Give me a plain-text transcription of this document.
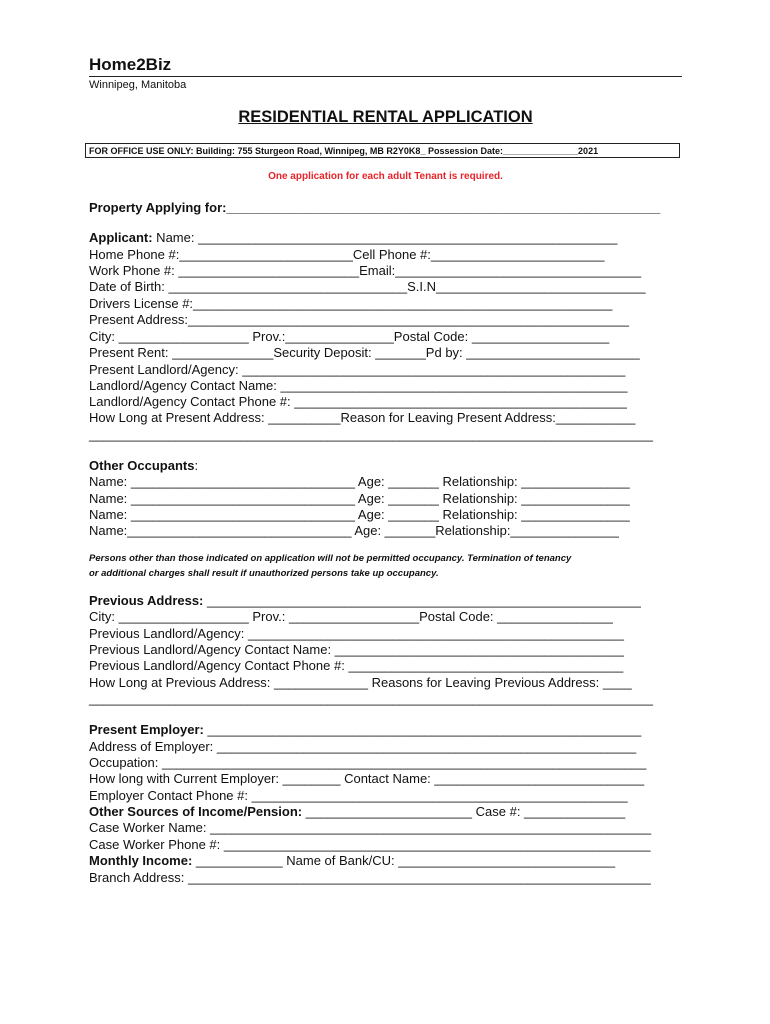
Home2Biz
Winnipeg, Manitoba
RESIDENTIAL RENTAL APPLICATION
FOR OFFICE USE ONLY: Building: 755 Sturgeon Road, Winnipeg, MB R2Y0K8_ Possession Date:_______________2021
One application for each adult Tenant is required.
Property Applying for:____________________________________________________________
Applicant: Name: __________________________________________________________
Home Phone #:________________________Cell Phone #:________________________
Work Phone #: _________________________Email:__________________________________
Date of Birth: _________________________________S.I.N_____________________________
Drivers License #:__________________________________________________________
Present Address:_____________________________________________________________
City: __________________ Prov.:_______________Postal Code: ___________________
Present Rent: ______________Security Deposit: _______Pd by: ________________________
Present Landlord/Agency: _____________________________________________________
Landlord/Agency Contact Name: ________________________________________________
Landlord/Agency Contact Phone #: ______________________________________________
How Long at Present Address: __________Reason for Leaving Present Address:___________
______________________________________________________________________________
Other Occupants:
Name: _______________________________ Age: _______ Relationship: _______________
Name: _______________________________ Age: _______ Relationship: _______________
Name: _______________________________ Age: _______ Relationship: _______________
Name:_______________________________ Age: _______Relationship:_______________
Persons other than those indicated on application will not be permitted occupancy. Termination of tenancy
or additional charges shall result if unauthorized persons take up occupancy.
Previous Address: ____________________________________________________________
City: __________________ Prov.: __________________Postal Code: ________________
Previous Landlord/Agency: ____________________________________________________
Previous Landlord/Agency Contact Name: ________________________________________
Previous Landlord/Agency Contact Phone #: ______________________________________
How Long at Previous Address: _____________ Reasons for Leaving Previous Address: ____
______________________________________________________________________________
Present Employer: ____________________________________________________________
Address of Employer: __________________________________________________________
Occupation: ___________________________________________________________________
How long with Current Employer: ________ Contact Name: _____________________________
Employer Contact Phone #: ____________________________________________________
Other Sources of Income/Pension: _______________________ Case #: ______________
Case Worker Name: _____________________________________________________________
Case Worker Phone #: ___________________________________________________________
Monthly Income: ____________ Name of Bank/CU: ______________________________
Branch Address: ________________________________________________________________
